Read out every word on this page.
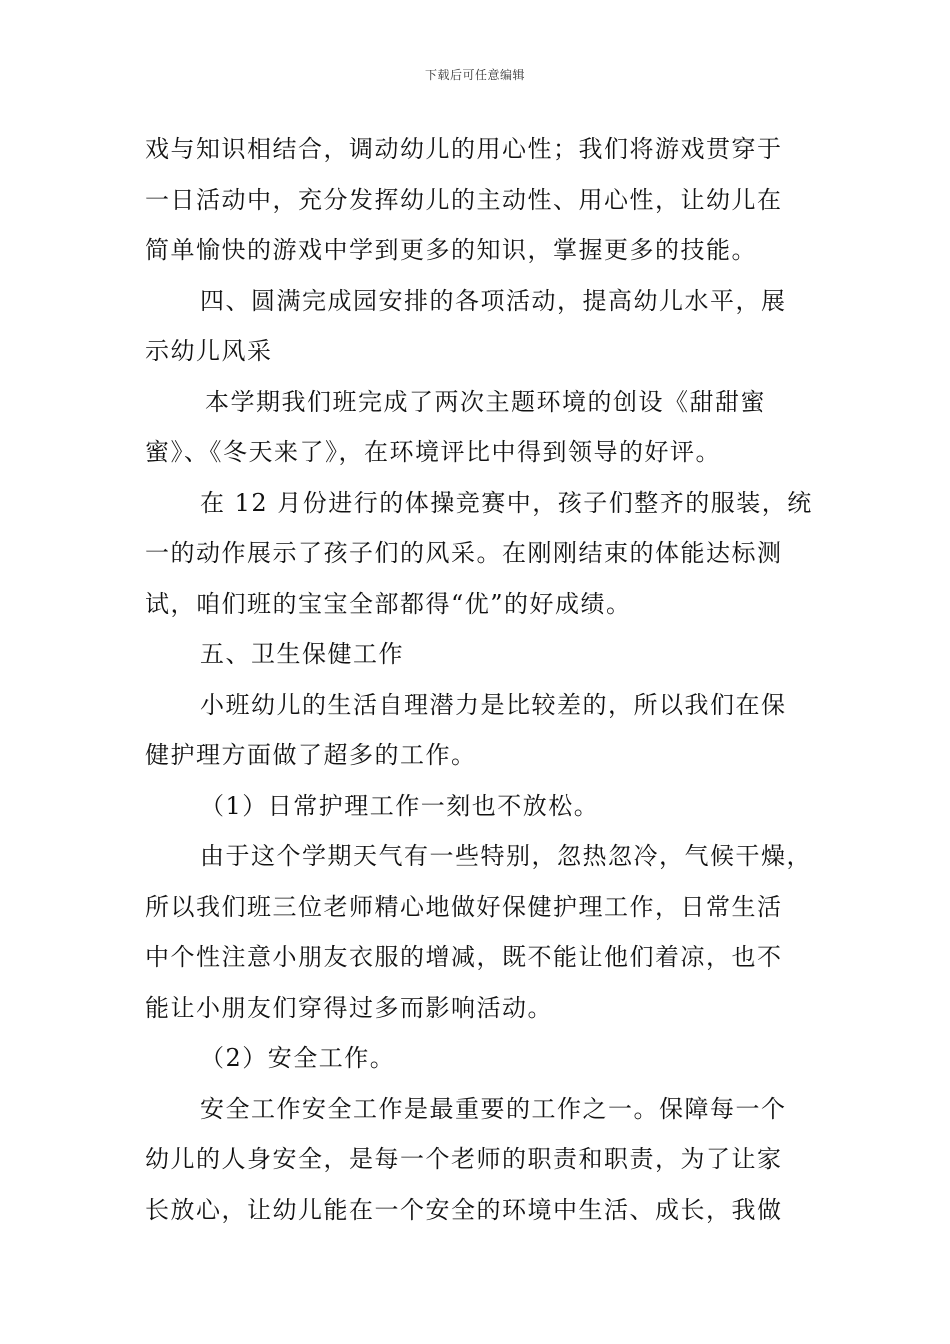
下载后可任意编辑
戏与知识相结合，调动幼儿的用心性；我们将游戏贯穿于
一日活动中，充分发挥幼儿的主动性、用心性，让幼儿在
简单愉快的游戏中学到更多的知识，掌握更多的技能。
四、圆满完成园安排的各项活动，提高幼儿水平，展
示幼儿风采
本学期我们班完成了两次主题环境的创设《甜甜蜜
蜜》、《冬天来了》，在环境评比中得到领导的好评。
在 12 月份进行的体操竞赛中，孩子们整齐的服装，统
一的动作展示了孩子们的风采。在刚刚结束的体能达标测
试，咱们班的宝宝全部都得“优”的好成绩。
五、卫生保健工作
小班幼儿的生活自理潜力是比较差的，所以我们在保
健护理方面做了超多的工作。
（1）日常护理工作一刻也不放松。
由于这个学期天气有一些特别，忽热忽冷，气候干燥，
所以我们班三位老师精心地做好保健护理工作，日常生活
中个性注意小朋友衣服的增减，既不能让他们着凉，也不
能让小朋友们穿得过多而影响活动。
（2）安全工作。
安全工作安全工作是最重要的工作之一。保障每一个
幼儿的人身安全，是每一个老师的职责和职责，为了让家
长放心，让幼儿能在一个安全的环境中生活、成长，我做
